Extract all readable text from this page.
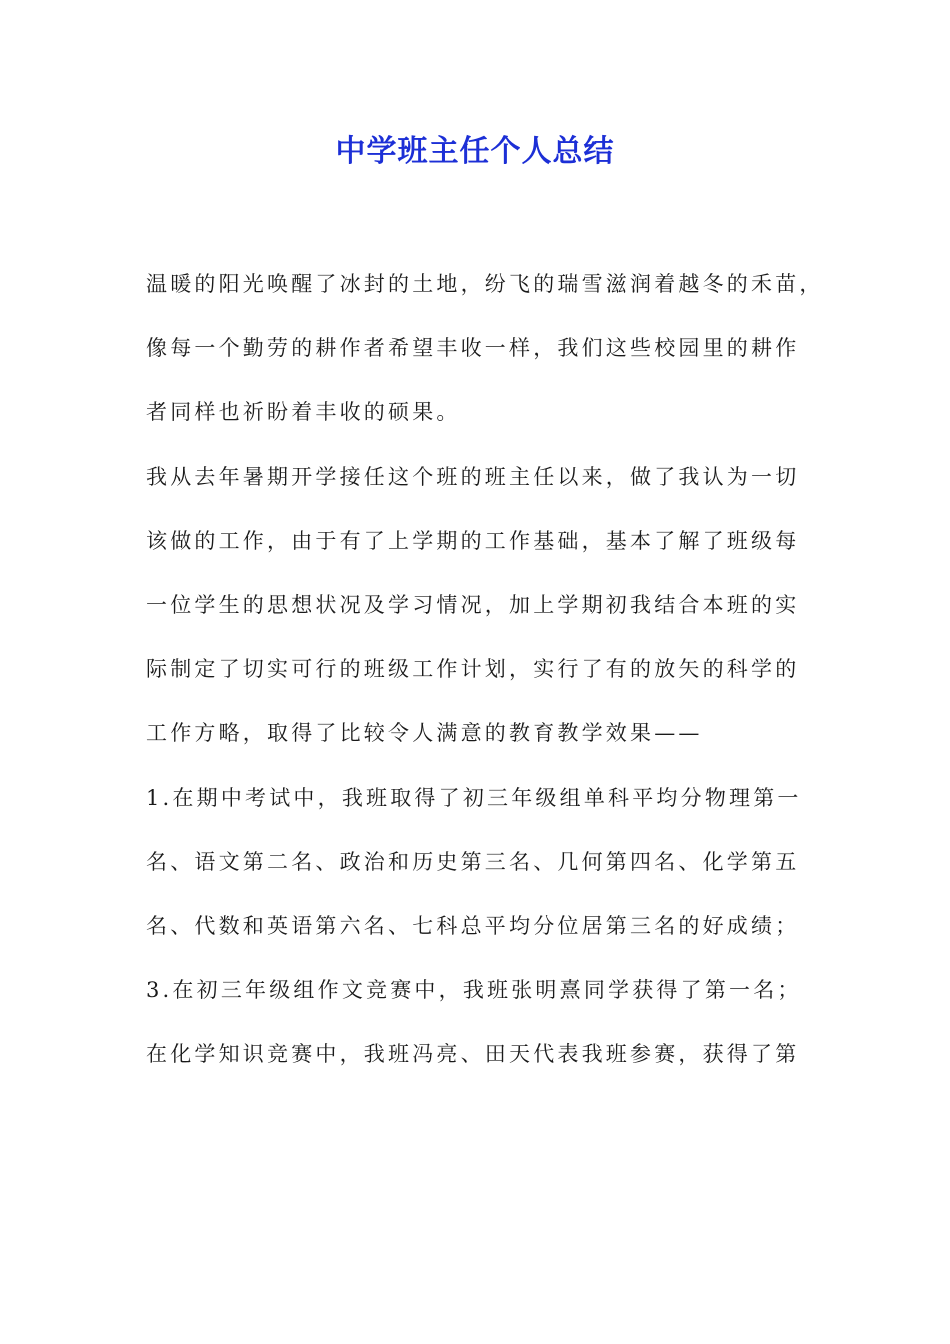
中学班主任个人总结
温暖的阳光唤醒了冰封的土地，纷飞的瑞雪滋润着越冬的禾苗，
像每一个勤劳的耕作者希望丰收一样，我们这些校园里的耕作
者同样也祈盼着丰收的硕果。
我从去年暑期开学接任这个班的班主任以来，做了我认为一切
该做的工作，由于有了上学期的工作基础，基本了解了班级每
一位学生的思想状况及学习情况，加上学期初我结合本班的实
际制定了切实可行的班级工作计划，实行了有的放矢的科学的
工作方略，取得了比较令人满意的教育教学效果——
1.在期中考试中，我班取得了初三年级组单科平均分物理第一
名、语文第二名、政治和历史第三名、几何第四名、化学第五
名、代数和英语第六名、七科总平均分位居第三名的好成绩；
3.在初三年级组作文竞赛中，我班张明熹同学获得了第一名；
在化学知识竞赛中，我班冯亮、田天代表我班参赛，获得了第
